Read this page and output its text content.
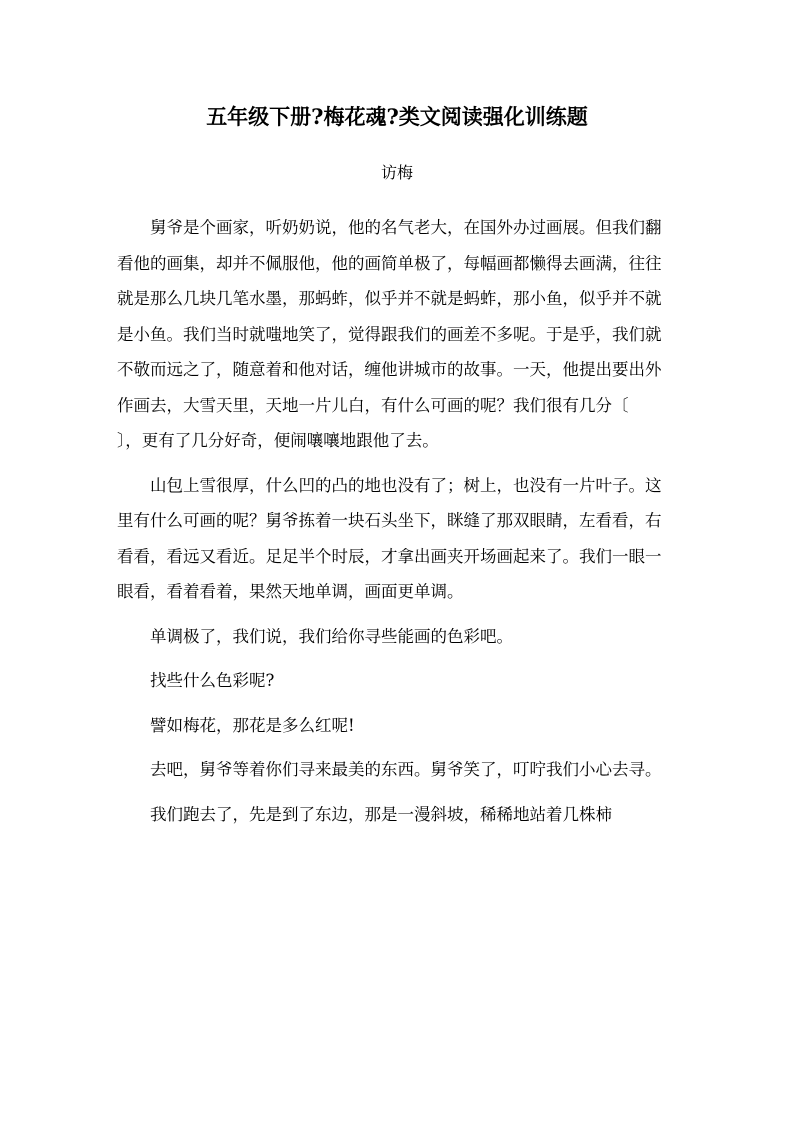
五年级下册?梅花魂?类文阅读强化训练题
访梅

舅爷是个画家，听奶奶说，他的名气老大，在国外办过画展。但我们翻看他的画集，却并不佩服他，他的画简单极了，每幅画都懒得去画满，往往就是那么几块几笔水墨，那蚂蚱，似乎并不就是蚂蚱，那小鱼，似乎并不就是小鱼。我们当时就嗤地笑了，觉得跟我们的画差不多呢。于是乎，我们就不敬而远之了，随意着和他对话，缠他讲城市的故事。一天，他提出要出外作画去，大雪天里，天地一片儿白，有什么可画的呢？我们很有几分〔　　　〕，更有了几分好奇，便闹嚷嚷地跟他了去。

山包上雪很厚，什么凹的凸的地也没有了；树上，也没有一片叶子。这里有什么可画的呢？舅爷拣着一块石头坐下，眯缝了那双眼睛，左看看，右看看，看远又看近。足足半个时辰，才拿出画夹开场画起来了。我们一眼一眼看，看着看着，果然天地单调，画面更单调。

单调极了，我们说，我们给你寻些能画的色彩吧。

找些什么色彩呢?

譬如梅花，那花是多么红呢!

去吧，舅爷等着你们寻来最美的东西。舅爷笑了，叮咛我们小心去寻。

我们跑去了，先是到了东边，那是一漫斜坡，稀稀地站着几株柿
